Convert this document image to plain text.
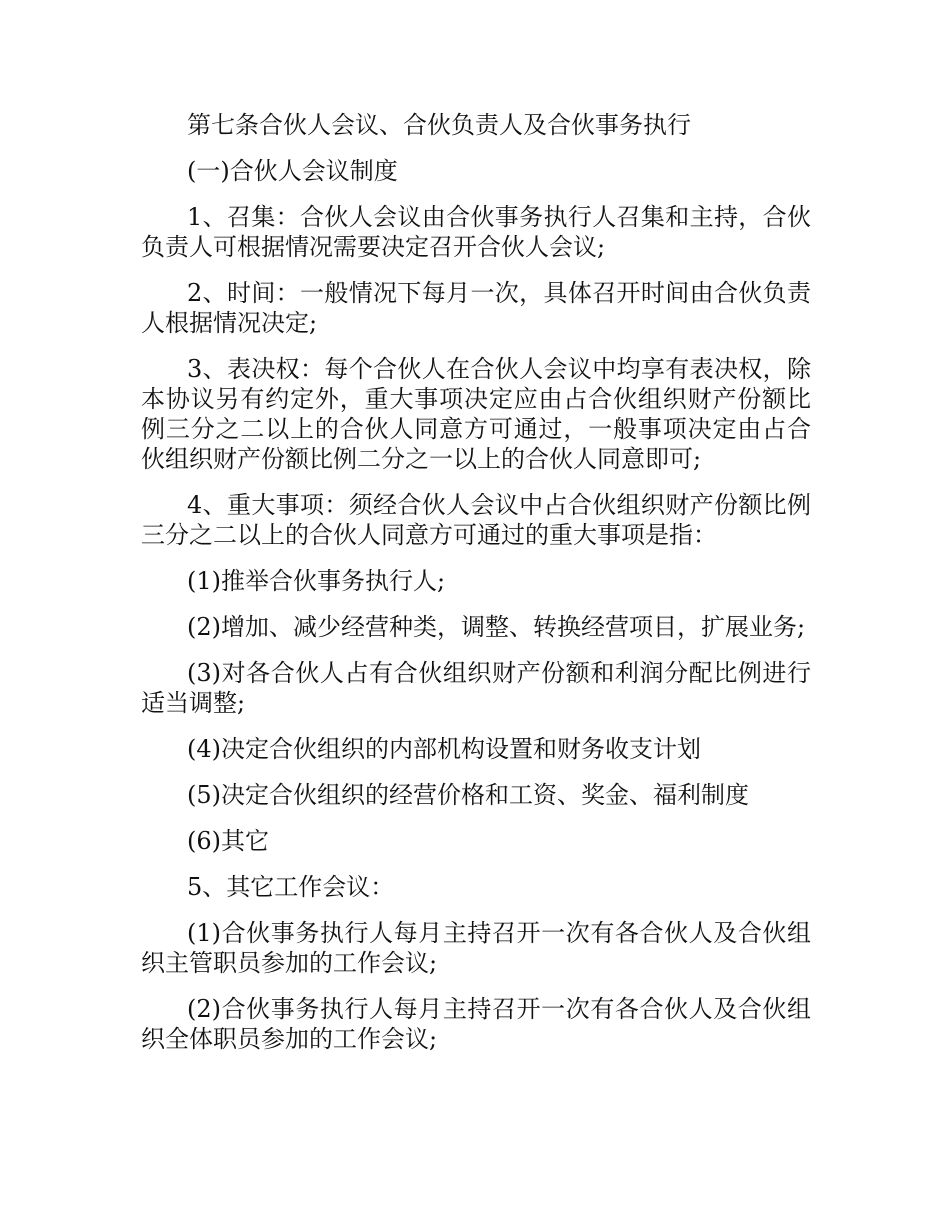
第七条合伙人会议、合伙负责人及合伙事务执行

(一)合伙人会议制度

1、召集：合伙人会议由合伙事务执行人召集和主持，合伙负责人可根据情况需要决定召开合伙人会议;

2、时间：一般情况下每月一次，具体召开时间由合伙负责人根据情况决定;

3、表决权：每个合伙人在合伙人会议中均享有表决权，除本协议另有约定外，重大事项决定应由占合伙组织财产份额比例三分之二以上的合伙人同意方可通过，一般事项决定由占合伙组织财产份额比例二分之一以上的合伙人同意即可;

4、重大事项：须经合伙人会议中占合伙组织财产份额比例三分之二以上的合伙人同意方可通过的重大事项是指：

(1)推举合伙事务执行人;

(2)增加、减少经营种类，调整、转换经营项目，扩展业务;

(3)对各合伙人占有合伙组织财产份额和利润分配比例进行适当调整;

(4)决定合伙组织的内部机构设置和财务收支计划

(5)决定合伙组织的经营价格和工资、奖金、福利制度

(6)其它

5、其它工作会议：

(1)合伙事务执行人每月主持召开一次有各合伙人及合伙组织主管职员参加的工作会议;

(2)合伙事务执行人每月主持召开一次有各合伙人及合伙组织全体职员参加的工作会议;
